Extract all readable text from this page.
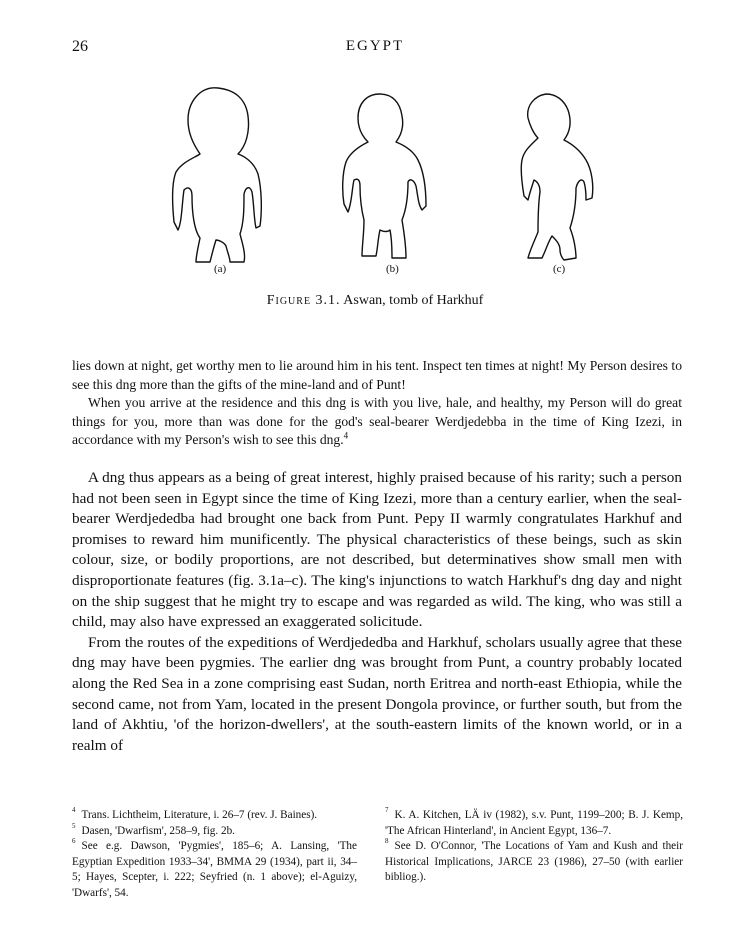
26	EGYPT
(a)	(b)	(c)
Figure 3.1. Aswan, tomb of Harkhuf

lies down at night, get worthy men to lie around him in his tent. Inspect ten times at night! My Person desires to see this dng more than the gifts of the mine-land and of Punt!

When you arrive at the residence and this dng is with you live, hale, and healthy, my Person will do great things for you, more than was done for the god's seal-bearer Werdjedebba in the time of King Izezi, in accordance with my Person's wish to see this dng.$^4$

A dng thus appears as a being of great interest, highly praised because of his rarity; such a person had not been seen in Egypt since the time of King Izezi, more than a century earlier, when the seal-bearer Werdjededba had brought one back from Punt. Pepy II warmly congratulates Harkhuf and promises to reward him munificently. The physical characteristics of these beings, such as skin colour, size, or bodily proportions, are not described, but determinatives show small men with disproportionate features (fig. 3.1a–c). The king's injunctions to watch Harkhuf's dng day and night on the ship suggest that he might try to escape and was regarded as wild. The king, who was still a child, may also have expressed an exaggerated solicitude.

From the routes of the expeditions of Werdjededba and Harkhuf, scholars usually agree that these dng may have been pygmies. The earlier dng was brought from Punt, a country probably located along the Red Sea in a zone comprising east Sudan, north Eritrea and north-east Ethiopia, while the second came, not from Yam, located in the present Dongola province, or further south, but from the land of Akhtiu, 'of the horizon-dwellers', at the south-eastern limits of the known world, or in a realm of

$^4$ Trans. Lichtheim, Literature, i. 26–7 (rev. J. Baines).

$^5$ Dasen, 'Dwarfism', 258–9, fig. 2b.

$^6$ See e.g. Dawson, 'Pygmies', 185–6; A. Lansing, 'The Egyptian Expedition 1933–34', BMMA 29 (1934), part ii, 34–5; Hayes, Scepter, i. 222; Seyfried (n. 1 above); el-Aguizy, 'Dwarfs', 54.

$^7$ K. A. Kitchen, LÄ iv (1982), s.v. Punt, 1199–200; B. J. Kemp, 'The African Hinterland', in Ancient Egypt, 136–7.

$^8$ See D. O'Connor, 'The Locations of Yam and Kush and their Historical Implications, JARCE 23 (1986), 27–50 (with earlier bibliog.).
